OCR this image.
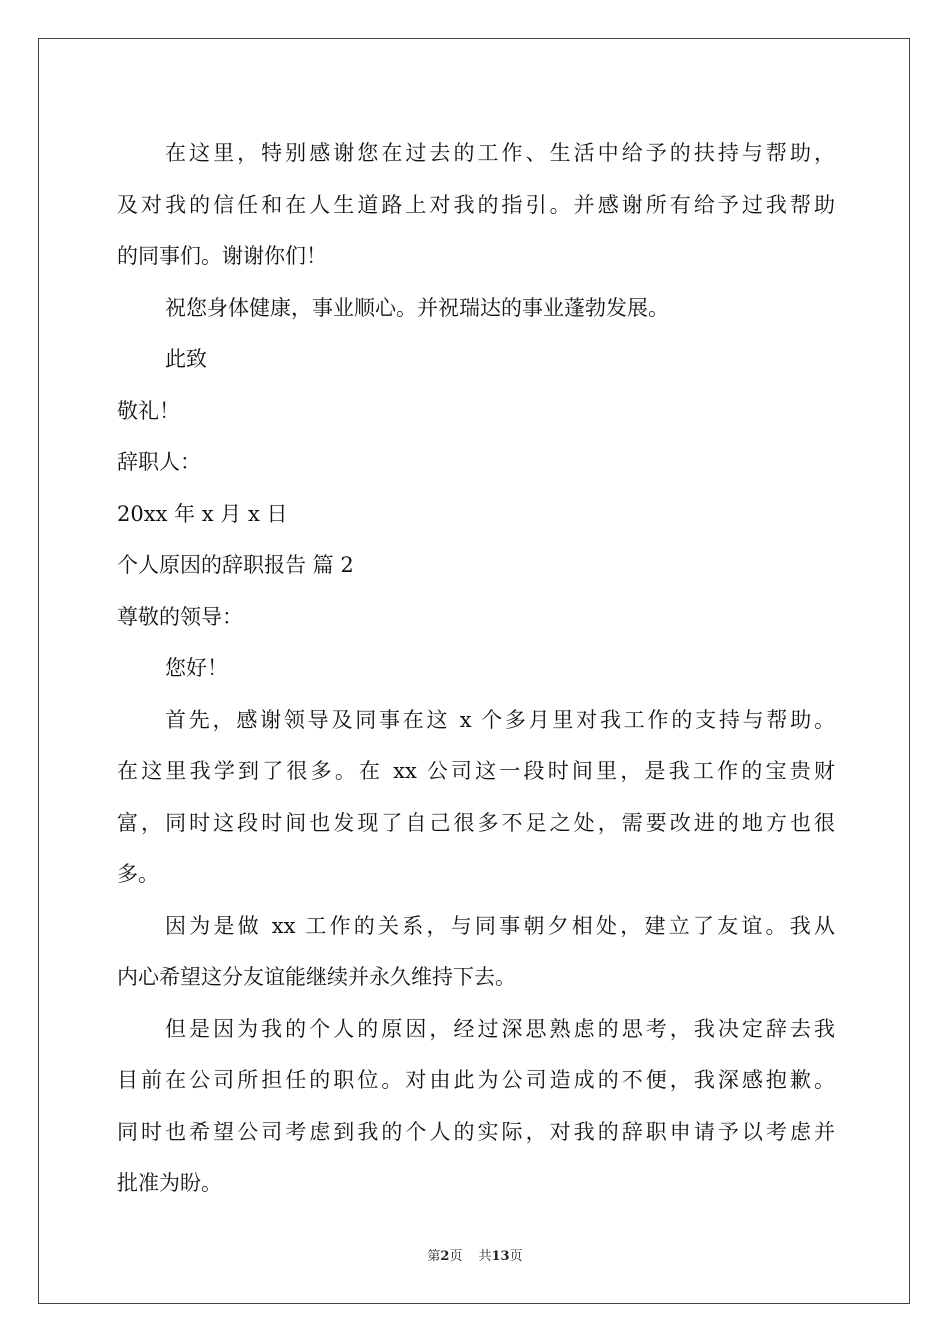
在这里，特别感谢您在过去的工作、生活中给予的扶持与帮助，
及对我的信任和在人生道路上对我的指引。并感谢所有给予过我帮助
的同事们。谢谢你们！
祝您身体健康，事业顺心。并祝瑞达的事业蓬勃发展。
此致
敬礼！
辞职人：
20xx 年 x 月 x 日
个人原因的辞职报告 篇 2
尊敬的领导：
您好！
首先，感谢领导及同事在这 x 个多月里对我工作的支持与帮助。
在这里我学到了很多。在 xx 公司这一段时间里，是我工作的宝贵财
富，同时这段时间也发现了自己很多不足之处，需要改进的地方也很
多。
因为是做 xx 工作的关系，与同事朝夕相处，建立了友谊。我从
内心希望这分友谊能继续并永久维持下去。
但是因为我的个人的原因，经过深思熟虑的思考，我决定辞去我
目前在公司所担任的职位。对由此为公司造成的不便，我深感抱歉。
同时也希望公司考虑到我的个人的实际，对我的辞职申请予以考虑并
批准为盼。
第2页 共13页
